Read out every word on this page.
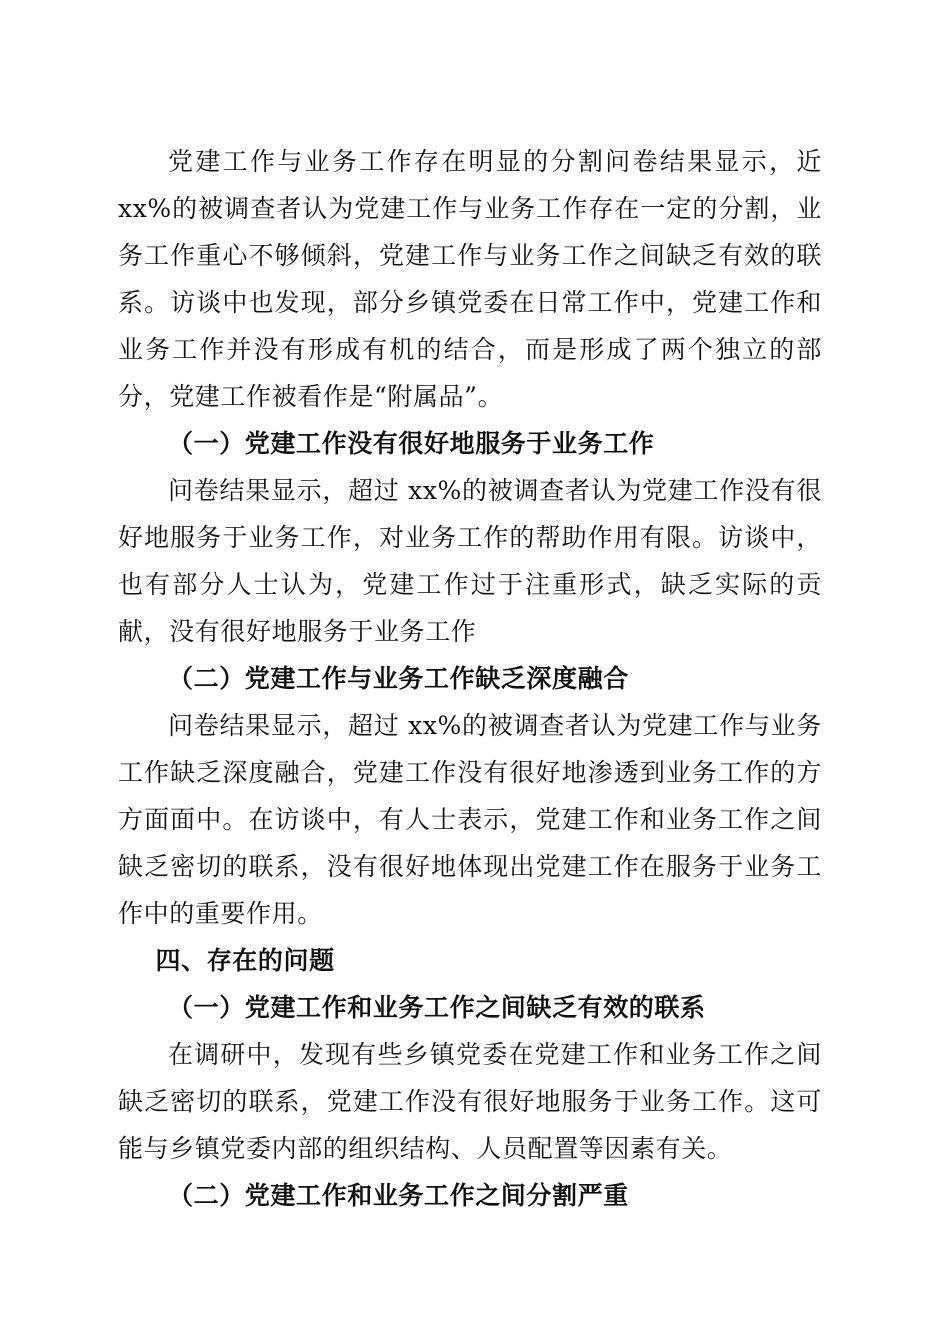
党建工作与业务工作存在明显的分割问卷结果显示，近 xx%的被调查者认为党建工作与业务工作存在一定的分割，业务工作重心不够倾斜，党建工作与业务工作之间缺乏有效的联系。访谈中也发现，部分乡镇党委在日常工作中，党建工作和业务工作并没有形成有机的结合，而是形成了两个独立的部分，党建工作被看作是“附属品”。

（一）党建工作没有很好地服务于业务工作

问卷结果显示，超过 xx%的被调查者认为党建工作没有很好地服务于业务工作，对业务工作的帮助作用有限。访谈中，也有部分人士认为，党建工作过于注重形式，缺乏实际的贡献，没有很好地服务于业务工作

（二）党建工作与业务工作缺乏深度融合

问卷结果显示，超过 xx%的被调查者认为党建工作与业务工作缺乏深度融合，党建工作没有很好地渗透到业务工作的方方面面中。在访谈中，有人士表示，党建工作和业务工作之间缺乏密切的联系，没有很好地体现出党建工作在服务于业务工作中的重要作用。

四、存在的问题

（一）党建工作和业务工作之间缺乏有效的联系

在调研中，发现有些乡镇党委在党建工作和业务工作之间缺乏密切的联系，党建工作没有很好地服务于业务工作。这可能与乡镇党委内部的组织结构、人员配置等因素有关。

（二）党建工作和业务工作之间分割严重
